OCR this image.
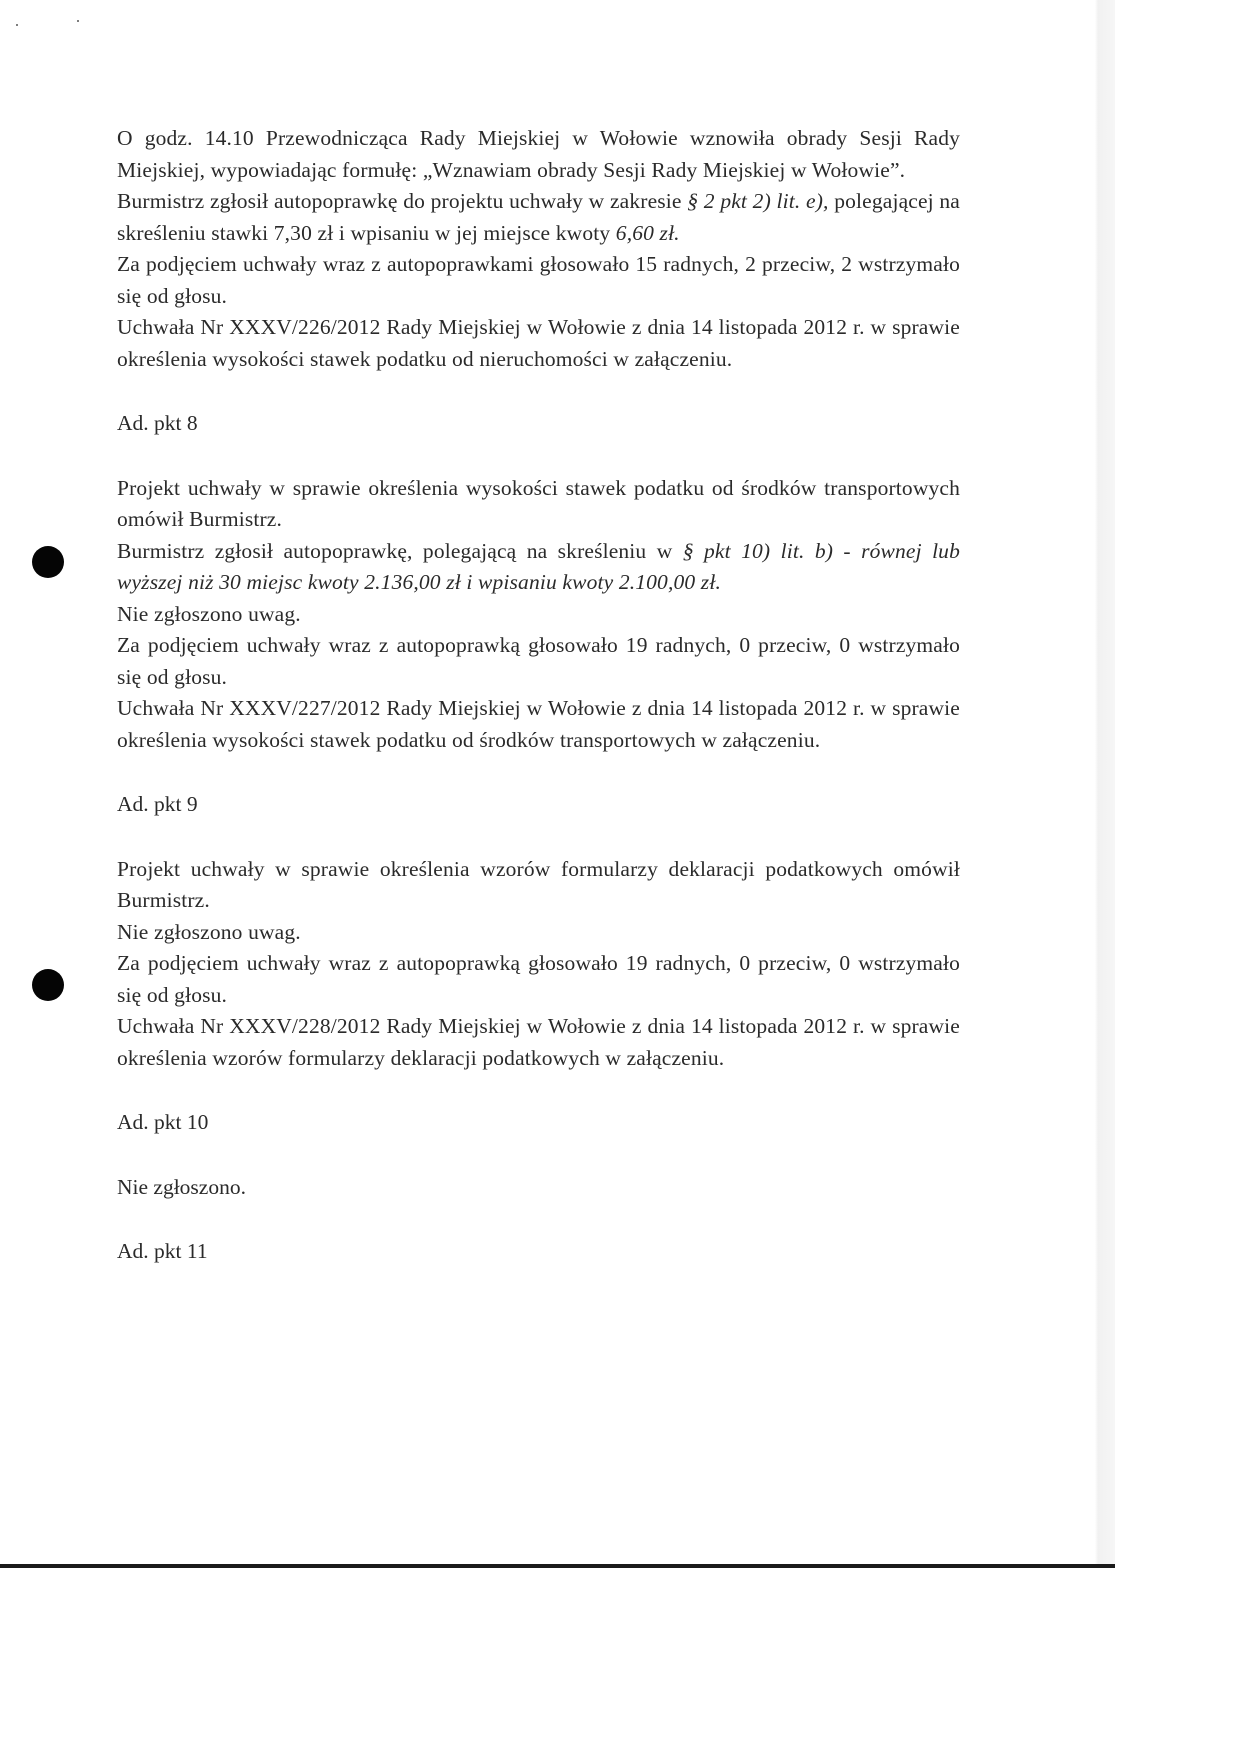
O godz. 14.10 Przewodnicząca Rady Miejskiej w Wołowie wznowiła obrady Sesji Rady Miejskiej, wypowiadając formułę: „Wznawiam obrady Sesji Rady Miejskiej w Wołowie”.

Burmistrz zgłosił autopoprawkę do projektu uchwały w zakresie § 2 pkt 2) lit. e), polegającej na skreśleniu stawki 7,30 zł i wpisaniu w jej miejsce kwoty 6,60 zł.

Za podjęciem uchwały wraz z autopoprawkami głosowało 15 radnych, 2 przeciw, 2 wstrzymało się od głosu.

Uchwała Nr XXXV/226/2012 Rady Miejskiej w Wołowie z dnia 14 listopada 2012 r. w sprawie określenia wysokości stawek podatku od nieruchomości w załączeniu.

Ad. pkt 8

Projekt uchwały w sprawie określenia wysokości stawek podatku od środków transportowych omówił Burmistrz.

Burmistrz zgłosił autopoprawkę, polegającą na skreśleniu w § pkt 10) lit. b) - równej lub wyższej niż 30 miejsc kwoty 2.136,00 zł i wpisaniu kwoty 2.100,00 zł.

Nie zgłoszono uwag.

Za podjęciem uchwały wraz z autopoprawką głosowało 19 radnych, 0 przeciw, 0 wstrzymało się od głosu.

Uchwała Nr XXXV/227/2012 Rady Miejskiej w Wołowie z dnia 14 listopada 2012 r. w sprawie określenia wysokości stawek podatku od środków transportowych w załączeniu.

Ad. pkt 9

Projekt uchwały w sprawie określenia wzorów formularzy deklaracji podatkowych omówił Burmistrz.

Nie zgłoszono uwag.

Za podjęciem uchwały wraz z autopoprawką głosowało 19 radnych, 0 przeciw, 0 wstrzymało się od głosu.

Uchwała Nr XXXV/228/2012 Rady Miejskiej w Wołowie z dnia 14 listopada 2012 r. w sprawie określenia wzorów formularzy deklaracji podatkowych w załączeniu.

Ad. pkt 10

Nie zgłoszono.

Ad. pkt 11
